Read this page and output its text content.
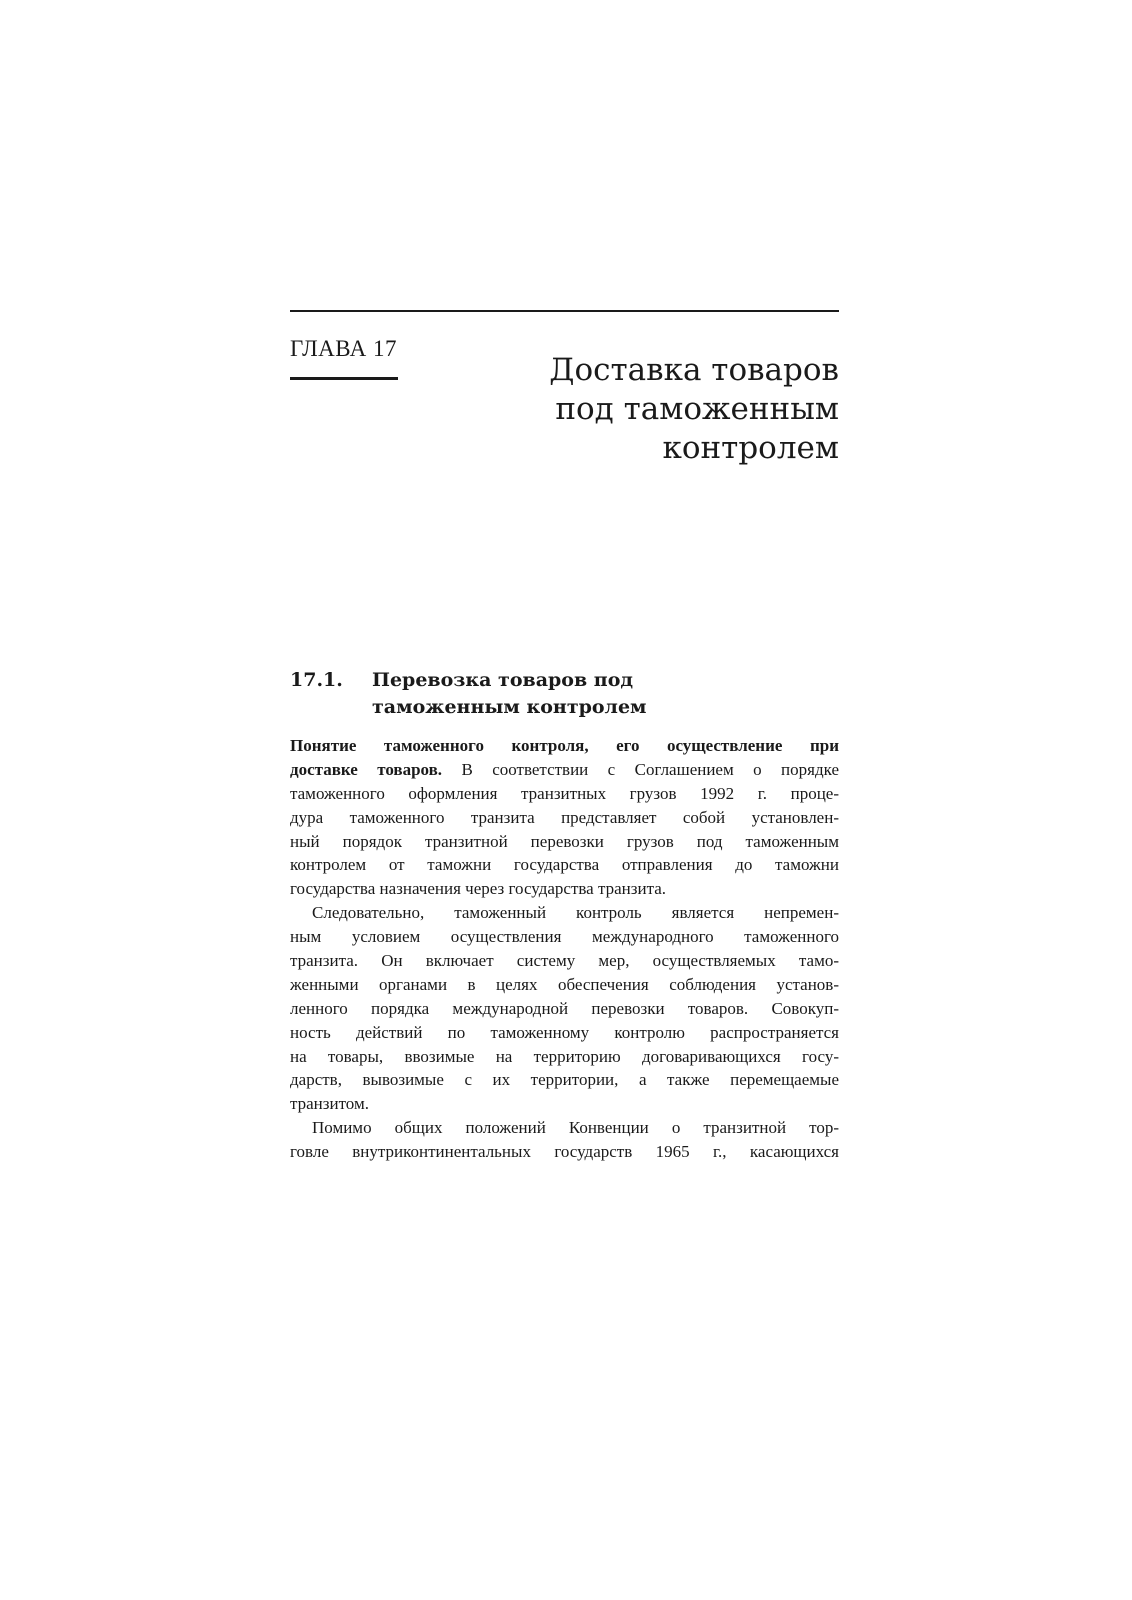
ГЛАВА 17
Доставка товаров
под таможенным
контролем
17.1. Перевозка товаров под
таможенным контролем
Понятие таможенного контроля, его осуществление при
доставке товаров. В соответствии с Соглашением о порядке
таможенного оформления транзитных грузов 1992 г. проце-
дура таможенного транзита представляет собой установлен-
ный порядок транзитной перевозки грузов под таможенным
контролем от таможни государства отправления до таможни
государства назначения через государства транзита.
Следовательно, таможенный контроль является непремен-
ным условием осуществления международного таможенного
транзита. Он включает систему мер, осуществляемых тамо-
женными органами в целях обеспечения соблюдения установ-
ленного порядка международной перевозки товаров. Совокуп-
ность действий по таможенному контролю распространяется
на товары, ввозимые на территорию договаривающихся госу-
дарств, вывозимые с их территории, а также перемещаемые
транзитом.
Помимо общих положений Конвенции о транзитной тор-
говле внутриконтинентальных государств 1965 г., касающихся
